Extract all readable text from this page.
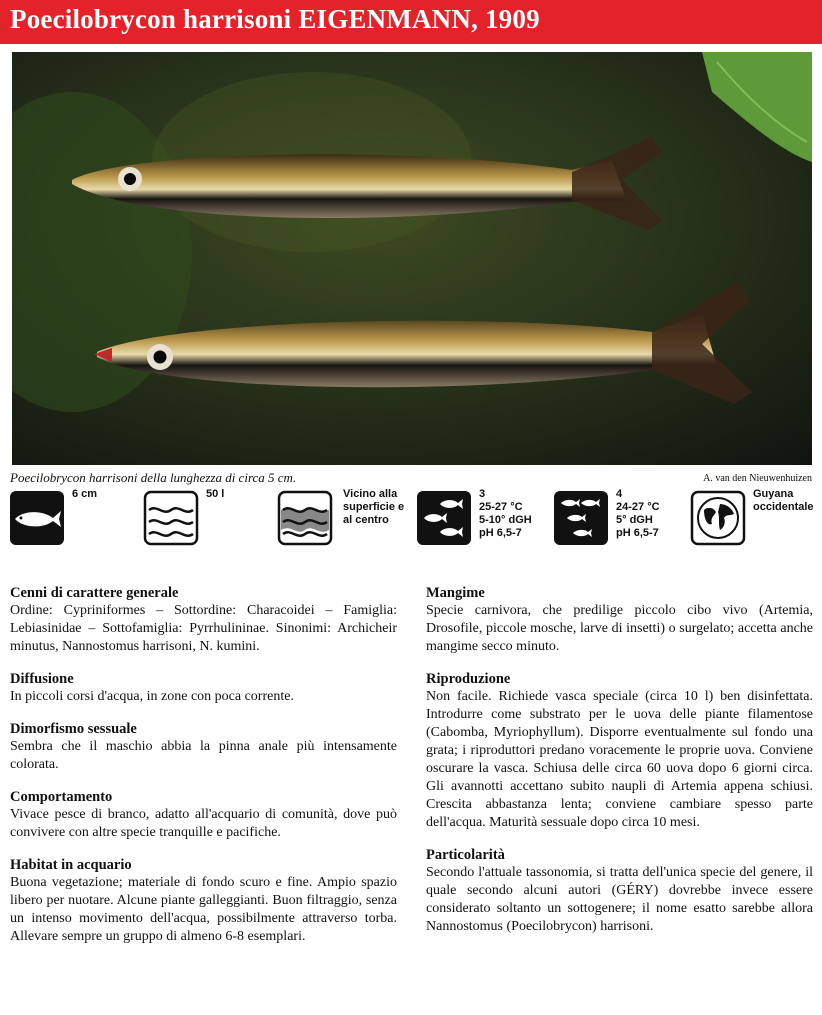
Poecilobrycon harrisoni EIGENMANN, 1909
Poecilobrycon harrisoni della lunghezza di circa 5 cm.	A. van den Nieuwenhuizen
6 cm	50 l	Vicino alla
superficie e
al centro
3
25-27 °C
5-10° dGH
pH 6,5-7
4
24-27 °C
5° dGH
pH 6,5-7
Guyana
occidentale
Cenni di carattere generale

Ordine: Cypriniformes – Sottordine: Characoidei – Famiglia: Lebiasinidae – Sottofamiglia: Pyrrhulininae. Sinonimi: Archicheir minutus, Nannostomus harrisoni, N. kumini.

Diffusione

In piccoli corsi d'acqua, in zone con poca corrente.

Dimorfismo sessuale

Sembra che il maschio abbia la pinna anale più intensamente colorata.

Comportamento

Vivace pesce di branco, adatto all'acquario di comunità, dove può convivere con altre specie tranquille e pacifiche.

Habitat in acquario

Buona vegetazione; materiale di fondo scuro e fine. Ampio spazio libero per nuotare. Alcune piante galleggianti. Buon filtraggio, senza un intenso movimento dell'acqua, possibilmente attraverso torba. Allevare sempre un gruppo di almeno 6-8 esemplari.

Mangime

Specie carnivora, che predilige piccolo cibo vivo (Artemia, Drosofile, piccole mosche, larve di insetti) o surgelato; accetta anche mangime secco minuto.

Riproduzione

Non facile. Richiede vasca speciale (circa 10 l) ben disinfettata. Introdurre come substrato per le uova delle piante filamentose (Cabomba, Myriophyllum). Disporre eventualmente sul fondo una grata; i riproduttori predano voracemente le proprie uova. Conviene oscurare la vasca. Schiusa delle circa 60 uova dopo 6 giorni circa. Gli avannotti accettano subito naupli di Artemia appena schiusi. Crescita abbastanza lenta; conviene cambiare spesso parte dell'acqua. Maturità sessuale dopo circa 10 mesi.

Particolarità

Secondo l'attuale tassonomia, si tratta dell'unica specie del genere, il quale secondo alcuni autori (GÉRY) dovrebbe invece essere considerato soltanto un sottogenere; il nome esatto sarebbe allora Nannostomus (Poecilobrycon) harrisoni.
